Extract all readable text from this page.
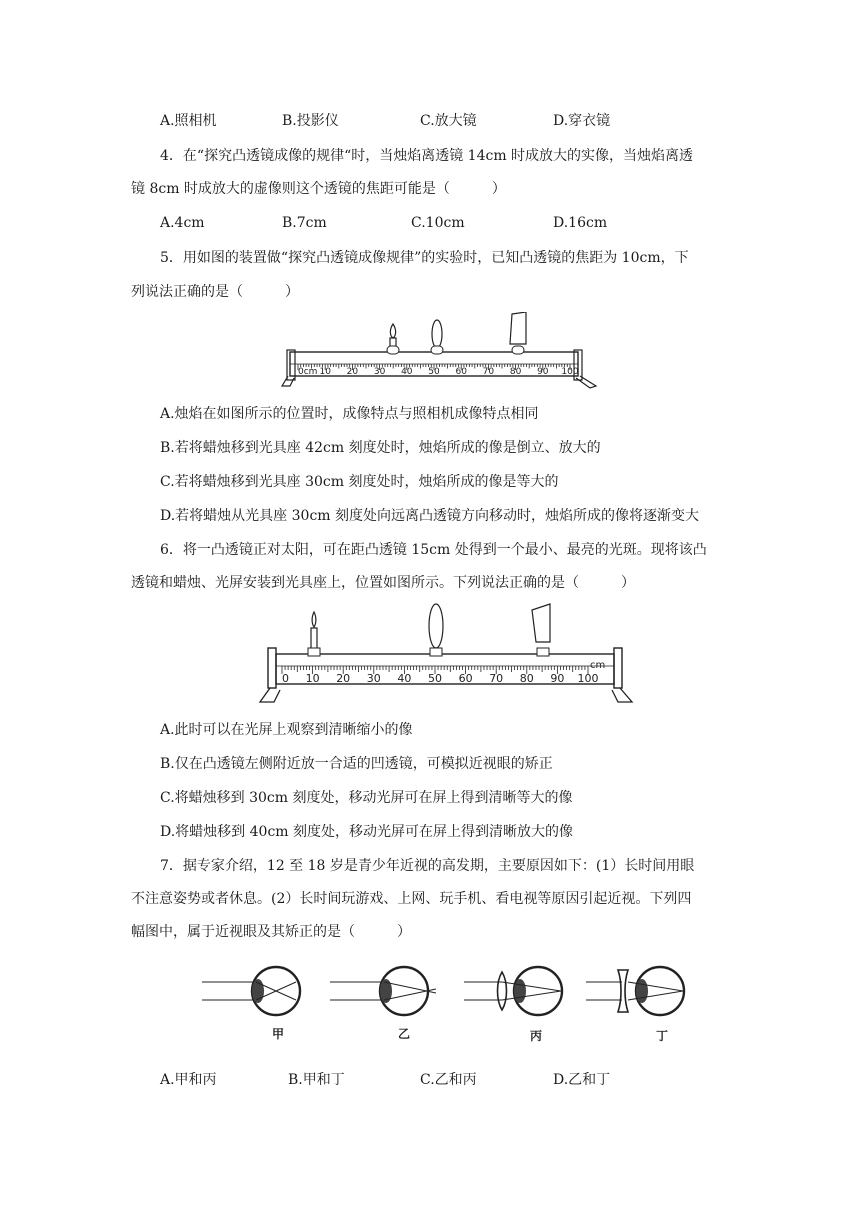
A.照相机	B.投影仪	C.放大镜	D.穿衣镜
4．在“探究凸透镜成像的规律“时，当烛焰离透镜 14cm 时成放大的实像，当烛焰离透
镜 8cm 时成放大的虚像则这个透镜的焦距可能是（　　　）
A.4cm	B.7cm	C.10cm	D.16cm
5．用如图的装置做“探究凸透镜成像规律”的实验时，已知凸透镜的焦距为 10cm，下
列说法正确的是（　　　）
0cm 10 20 30 40 50 60 70 80 90 100
A.烛焰在如图所示的位置时，成像特点与照相机成像特点相同
B.若将蜡烛移到光具座 42cm 刻度处时，烛焰所成的像是倒立、放大的
C.若将蜡烛移到光具座 30cm 刻度处时，烛焰所成的像是等大的
D.若将蜡烛从光具座 30cm 刻度处向远离凸透镜方向移动时，烛焰所成的像将逐渐变大
6．将一凸透镜正对太阳，可在距凸透镜 15cm 处得到一个最小、最亮的光斑。现将该凸
透镜和蜡烛、光屏安装到光具座上，位置如图所示。下列说法正确的是（　　　）
cm
0 10 20 30 40 50 60 70 80 90 100
A.此时可以在光屏上观察到清晰缩小的像
B.仅在凸透镜左侧附近放一合适的凹透镜，可模拟近视眼的矫正
C.将蜡烛移到 30cm 刻度处，移动光屏可在屏上得到清晰等大的像
D.将蜡烛移到 40cm 刻度处，移动光屏可在屏上得到清晰放大的像
7．据专家介绍，12 至 18 岁是青少年近视的高发期，主要原因如下：(1）长时间用眼
不注意姿势或者休息。(2）长时间玩游戏、上网、玩手机、看电视等原因引起近视。下列四
幅图中，属于近视眼及其矫正的是（　　　）
甲	乙	丙	丁
A.甲和丙	B.甲和丁	C.乙和丙	D.乙和丁
